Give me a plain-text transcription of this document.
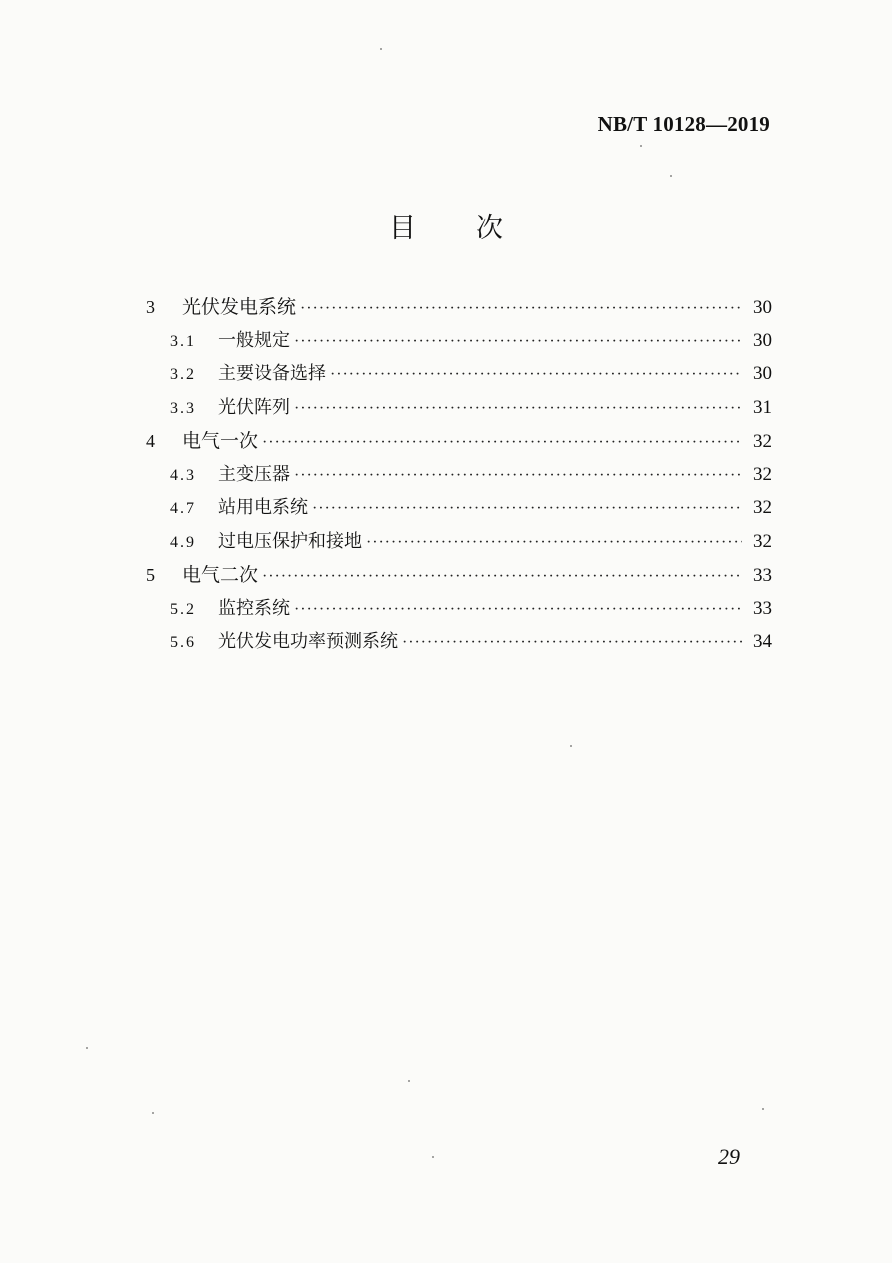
NB/T 10128—2019
目 次
3	光伏发电系统 ·····	30
3.1	一般规定 ·····	30
3.2	主要设备选择 ·····	30
3.3	光伏阵列 ·····	31
4	电气一次 ·····	32
4.3	主变压器 ·····	32
4.7	站用电系统 ·····	32
4.9	过电压保护和接地 ·····	32
5	电气二次 ·····	33
5.2	监控系统 ·····	33
5.6	光伏发电功率预测系统 ·····	34
29
